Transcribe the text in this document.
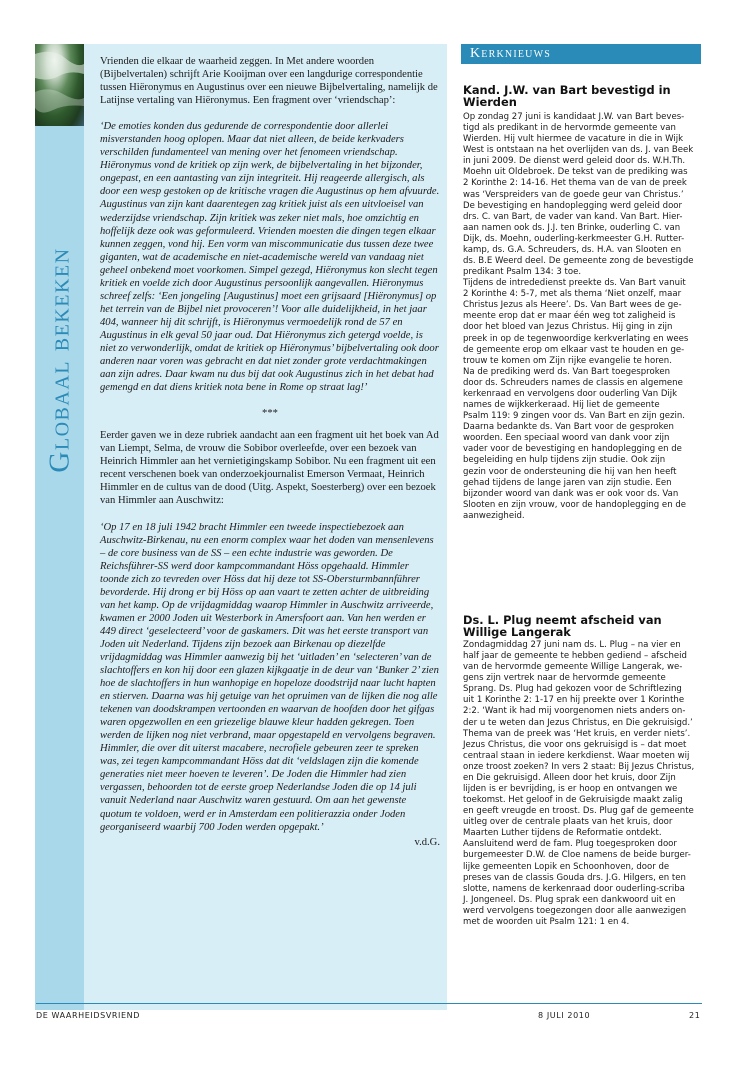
Globaal bekeken

Vrienden die elkaar de waarheid zeggen. In Met andere woorden (Bijbelvertalen) schrijft Arie Kooijman over een langdurige correspondentie tussen Hiëronymus en Augustinus over een nieuwe Bijbelvertaling, namelijk de Latijnse vertaling van Hiëronymus. Een fragment over ‘vriendschap’:

‘De emoties konden dus gedurende de correspondentie door allerlei misverstanden hoog oplopen. Maar dat niet alleen, de beide kerkvaders verschilden fundamenteel van mening over het fenomeen vriendschap. Hiëronymus vond de kritiek op zijn werk, de bijbelvertaling in het bijzonder, ongepast, en een aantasting van zijn integriteit. Hij reageerde allergisch, als door een wesp gestoken op de kritische vragen die Augustinus op hem afvuurde. Augustinus van zijn kant daarentegen zag kritiek juist als een uitvloeisel van wederzijdse vriendschap. Zijn kritiek was zeker niet mals, hoe omzichtig en hoffelijk deze ook was geformuleerd. Vrienden moesten die dingen tegen elkaar kunnen zeggen, vond hij. Een vorm van miscommunicatie dus tussen deze twee giganten, wat de academische en niet-academische wereld van vandaag niet geheel onbekend moet voorkomen. Simpel gezegd, Hiëronymus kon slecht tegen kritiek en voelde zich door Augustinus persoonlijk aangevallen. Hiëronymus schreef zelfs: ‘Een jongeling [Augustinus] moet een grijsaard [Hiëronymus] op het terrein van de Bijbel niet provoceren’! Voor alle duidelijkheid, in het jaar 404, wanneer hij dit schrijft, is Hiëronymus vermoedelijk rond de 57 en Augustinus in elk geval 50 jaar oud. Dat Hiëronymus zich getergd voelde, is niet zo verwonderlijk, omdat de kritiek op Hiëronymus’ bijbelvertaling ook door anderen naar voren was gebracht en dat niet zonder grote verdachtmakingen aan zijn adres. Daar kwam nu dus bij dat ook Augustinus zich in het debat had gemengd en dat diens kritiek nota bene in Rome op straat lag!’

***

Eerder gaven we in deze rubriek aandacht aan een fragment uit het boek van Ad van Liempt, Selma, de vrouw die Sobibor overleefde, over een bezoek van Heinrich Himmler aan het vernietigingskamp Sobibor. Nu een fragment uit een recent verschenen boek van onderzoekjournalist Emerson Vermaat, Heinrich Himmler en de cultus van de dood (Uitg. Aspekt, Soesterberg) over een bezoek van Himmler aan Auschwitz:

‘Op 17 en 18 juli 1942 bracht Himmler een tweede inspectiebezoek aan Auschwitz-Birkenau, nu een enorm complex waar het doden van mensenlevens – de core business van de SS – een echte industrie was geworden. De Reichsführer-SS werd door kampcommandant Höss opgehaald. Himmler toonde zich zo tevreden over Höss dat hij deze tot SS-Obersturmbannführer bevorderde. Hij drong er bij Höss op aan vaart te zetten achter de uitbreiding van het kamp. Op de vrijdagmiddag waarop Himmler in Auschwitz arriveerde, kwamen er 2000 Joden uit Westerbork in Amersfoort aan. Van hen werden er 449 direct ‘geselecteerd’ voor de gaskamers. Dit was het eerste transport van Joden uit Nederland. Tijdens zijn bezoek aan Birkenau op diezelfde vrijdagmiddag was Himmler aanwezig bij het ‘uitladen’ en ‘selecteren’ van de slachtoffers en kon hij door een glazen kijkgaatje in de deur van ‘Bunker 2’ zien hoe de slachtoffers in hun wanhopige en hopeloze doodstrijd naar lucht hapten en stierven. Daarna was hij getuige van het opruimen van de lijken die nog alle tekenen van doodskrampen vertoonden en waarvan de hoofden door het gifgas waren opgezwollen en een griezelige blauwe kleur hadden gekregen. Toen werden de lijken nog niet verbrand, maar opgestapeld en vervolgens begraven. Himmler, die over dit uiterst macabere, necrofiele gebeuren zeer te spreken was, zei tegen kampcommandant Höss dat dit ‘veldslagen zijn die komende generaties niet meer hoeven te leveren’. De Joden die Himmler had zien vergassen, behoorden tot de eerste groep Nederlandse Joden die op 14 juli vanuit Nederland naar Auschwitz waren gestuurd. Om aan het gewenste quotum te voldoen, werd er in Amsterdam een politierazzia onder Joden georganiseerd waarbij 700 Joden werden opgepakt.’

v.d.G.
Kerknieuws
Kand. J.W. van Bart bevestigd in Wierden

Op zondag 27 juni is kandidaat J.W. van Bart beves-

tigd als predikant in de hervormde gemeente van

Wierden. Hij vult hiermee de vacature in die in Wijk

West is ontstaan na het overlijden van ds. J. van Beek

in juni 2009. De dienst werd geleid door ds. W.H.Th.

Moehn uit Oldebroek. De tekst van de prediking was

2 Korinthe 2: 14-16. Het thema van de van de preek

was ‘Verspreiders van de goede geur van Christus.’

De bevestiging en handoplegging werd geleid door

drs. C. van Bart, de vader van kand. Van Bart. Hier-

aan namen ook ds. J.J. ten Brinke, ouderling C. van

Dijk, ds. Moehn, ouderling-kerkmeester G.H. Rutter-

kamp, ds. G.A. Schreuders, ds. H.A. van Slooten en

ds. B.E Weerd deel. De gemeente zong de bevestigde

predikant Psalm 134: 3 toe.

Tijdens de intrededienst preekte ds. Van Bart vanuit

2 Korinthe 4: 5-7, met als thema ‘Niet onzelf, maar

Christus Jezus als Heere’. Ds. Van Bart wees de ge-

meente erop dat er maar één weg tot zaligheid is

door het bloed van Jezus Christus. Hij ging in zijn

preek in op de tegenwoordige kerkverlating en wees

de gemeente erop om elkaar vast te houden en ge-

trouw te komen om Zijn rijke evangelie te horen.

Na de prediking werd ds. Van Bart toegesproken

door ds. Schreuders names de classis en algemene

kerkenraad en vervolgens door ouderling Van Dijk

names de wijkkerkeraad. Hij liet de gemeente

Psalm 119: 9 zingen voor ds. Van Bart en zijn gezin.

Daarna bedankte ds. Van Bart voor de gesproken

woorden. Een speciaal woord van dank voor zijn

vader voor de bevestiging en handoplegging en de

begeleiding en hulp tijdens zijn studie. Ook zijn

gezin voor de ondersteuning die hij van hen heeft

gehad tijdens de lange jaren van zijn studie. Een

bijzonder woord van dank was er ook voor ds. Van

Slooten en zijn vrouw, voor de handoplegging en de

aanwezigheid.

Ds. L. Plug neemt afscheid van Willige Langerak

Zondagmiddag 27 juni nam ds. L. Plug – na vier en

half jaar de gemeente te hebben gediend – afscheid

van de hervormde gemeente Willige Langerak, we-

gens zijn vertrek naar de hervormde gemeente

Sprang. Ds. Plug had gekozen voor de Schriftlezing

uit 1 Korinthe 2: 1-17 en hij preekte over 1 Korinthe

2:2. ‘Want ik had mij voorgenomen niets anders on-

der u te weten dan Jezus Christus, en Die gekruisigd.’

Thema van de preek was ‘Het kruis, en verder niets’.

Jezus Christus, die voor ons gekruisigd is – dat moet

centraal staan in iedere kerkdienst. Waar moeten wij

onze troost zoeken? In vers 2 staat: Bij Jezus Christus,

en Die gekruisigd. Alleen door het kruis, door Zijn

lijden is er bevrijding, is er hoop en ontvangen we

toekomst. Het geloof in de Gekruisigde maakt zalig

en geeft vreugde en troost. Ds. Plug gaf de gemeente

uitleg over de centrale plaats van het kruis, door

Maarten Luther tijdens de Reformatie ontdekt.

Aansluitend werd de fam. Plug toegesproken door

burgemeester D.W. de Cloe namens de beide burger-

lijke gemeenten Lopik en Schoonhoven, door de

preses van de classis Gouda drs. J.G. Hilgers, en ten

slotte, namens de kerkenraad door ouderling-scriba

J. Jongeneel. Ds. Plug sprak een dankwoord uit en

werd vervolgens toegezongen door alle aanwezigen

met de woorden uit Psalm 121: 1 en 4.

DE WAARHEIDSVRIEND	8 JULI 2010	21
